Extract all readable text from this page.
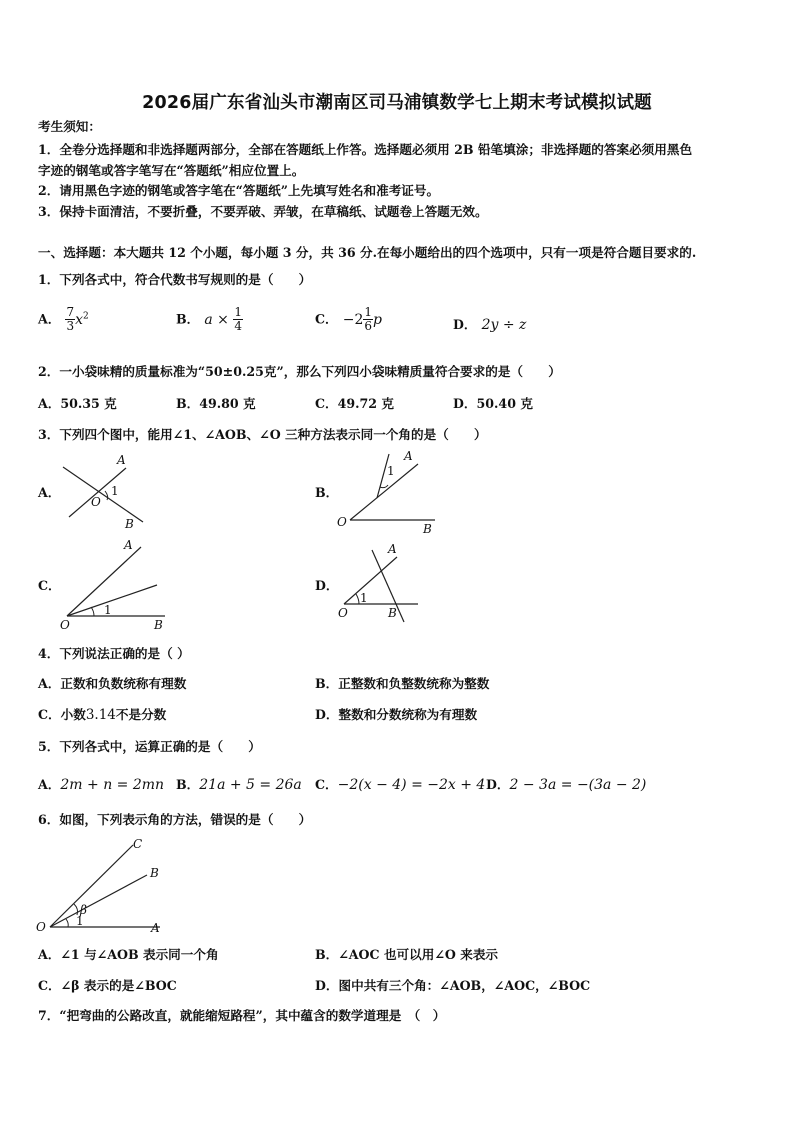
2026届广东省汕头市潮南区司马浦镇数学七上期末考试模拟试题
考生须知：
1．全卷分选择题和非选择题两部分，全部在答题纸上作答。选择题必须用 2B 铅笔填涂；非选择题的答案必须用黑色
字迹的钢笔或答字笔写在“答题纸”相应位置上。
2．请用黑色字迹的钢笔或答字笔在“答题纸”上先填写姓名和准考证号。
3．保持卡面清洁，不要折叠，不要弄破、弄皱，在草稿纸、试题卷上答题无效。
一、选择题：本大题共 12 个小题，每小题 3 分，共 36 分.在每小题给出的四个选项中，只有一项是符合题目要求的.
1．下列各式中，符合代数书写规则的是（　　）
A． $\frac{7}{3} x^2$	B． $a \times \frac{1}{4}$	C． $-2 \frac{1}{6}$ p	D． 2y ÷ z
2．一小袋味精的质量标准为“50±0.25克”，那么下列四小袋味精质量符合要求的是（　　）
A．50.35 克	B．49.80 克	C．49.72 克	D．50.40 克
3．下列四个图中，能用∠1、∠AOB、∠O 三种方法表示同一个角的是（　　）
A．	B．
C．	D．
A
O
1
B
A
1
O	B
A
1
O	B
A
1
O	B
4．下列说法正确的是（ ）
A．正数和负数统称有理数	B．正整数和负整数统称为整数
C．小数3.14不是分数	D．整数和分数统称为有理数
5．下列各式中，运算正确的是（　　）
A．2m + n = 2mn B．21a + 5 = 26a C．−2(x − 4) = −2x + 4 D．2 − 3a = −(3a − 2)
6．如图，下列表示角的方法，错误的是（　　）
C
B
β
1
O	A
A．∠1 与∠AOB 表示同一个角	B．∠AOC 也可以用∠O 来表示
C．∠β 表示的是∠BOC	D．图中共有三个角：∠AOB，∠AOC，∠BOC
7．“把弯曲的公路改直，就能缩短路程”，其中蕴含的数学道理是　（　）
